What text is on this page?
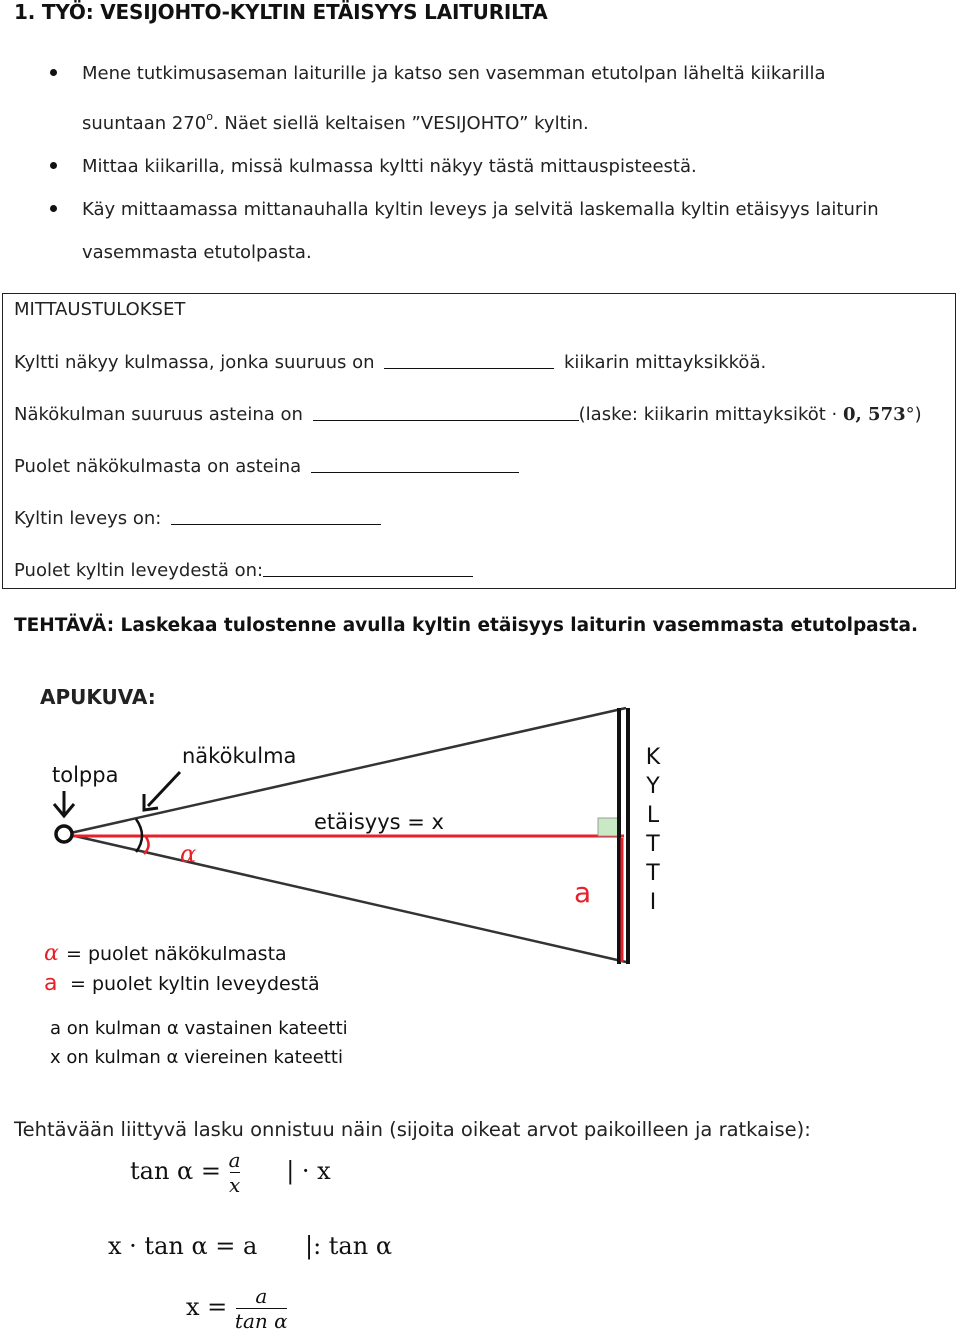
1. TYÖ: VESIJOHTO-KYLTIN ETÄISYYS LAITURILTA
Mene tutkimusaseman laiturille ja katso sen vasemman etutolpan läheltä kiikarilla
suuntaan 270$^o$. Näet siellä keltaisen ”VESIJOHTO” kyltin.
Mittaa kiikarilla, missä kulmassa kyltti näkyy tästä mittauspisteestä.
Käy mittaamassa mittanauhalla kyltin leveys ja selvitä laskemalla kyltin etäisyys laiturin
vasemmasta etutolpasta.
MITTAUSTULOKSET
Kyltti näkyy kulmassa, jonka suuruus on	kiikarin mittayksikköä.
Näkökulman suuruus asteina on	(laske: kiikarin mittayksiköt · 0, 573°)
Puolet näkökulmasta on asteina
Kyltin leveys on:
Puolet kyltin leveydestä on:
TEHTÄVÄ: Laskekaa tulostenne avulla kyltin etäisyys laiturin vasemmasta etutolpasta.
APUKUVA:
tolppa
näkökulma
α
etäisyys = x
a
K
Y
L
T
T
I
α = puolet näkökulmasta
a = puolet kyltin leveydestä
a on kulman α vastainen kateetti
x on kulman α viereinen kateetti
Tehtävään liittyvä lasku onnistuu näin (sijoita oikeat arvot paikoilleen ja ratkaise):
$\tan \alpha = \frac{a}{x}$ | · x
x · tan α = a |: tan α
$x = \frac{a}{\text{tan α}}$
